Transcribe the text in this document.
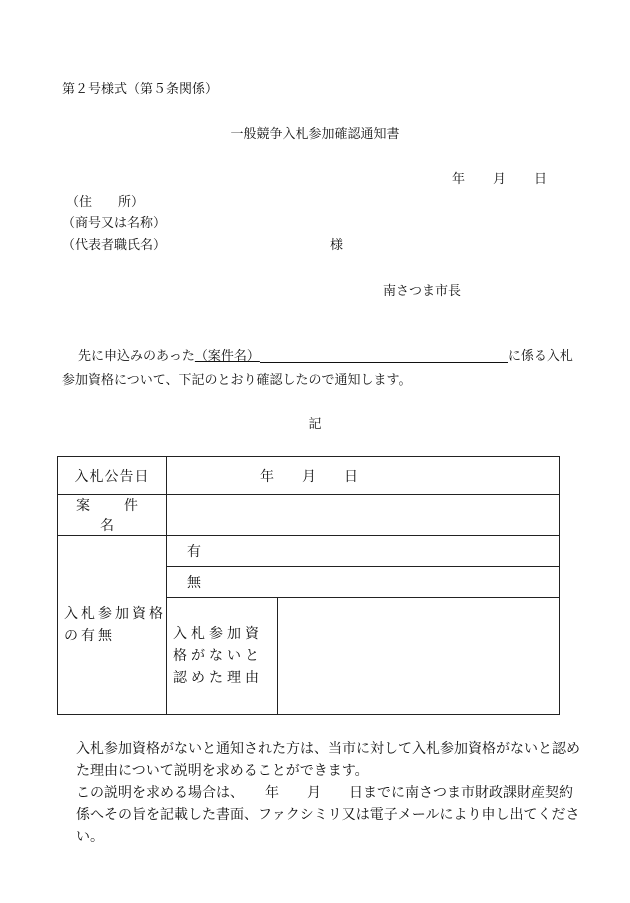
第２号様式（第５条関係）
一般競争入札参加確認通知書
年 月 日
（住　　所）
（商号又は名称）
（代表者職氏名）	様
南さつま市長
先に申込みのあった（案件名）	に係る入札
参加資格について、下記のとおり確認したので通知します。
記
入札公告日	年　　月　　日	
案　件　名		
入札参加資格の有無	有	
	無	
	入札参加資格がないと認めた理由	
入札参加資格がないと通知された方は、当市に対して入札参加資格がないと認めた理由について説明を求めることができます。
この説明を求める場合は、　　年　　月　　日までに南さつま市財政課財産契約係へその旨を記載した書面、ファクシミリ又は電子メールにより申し出てください。
